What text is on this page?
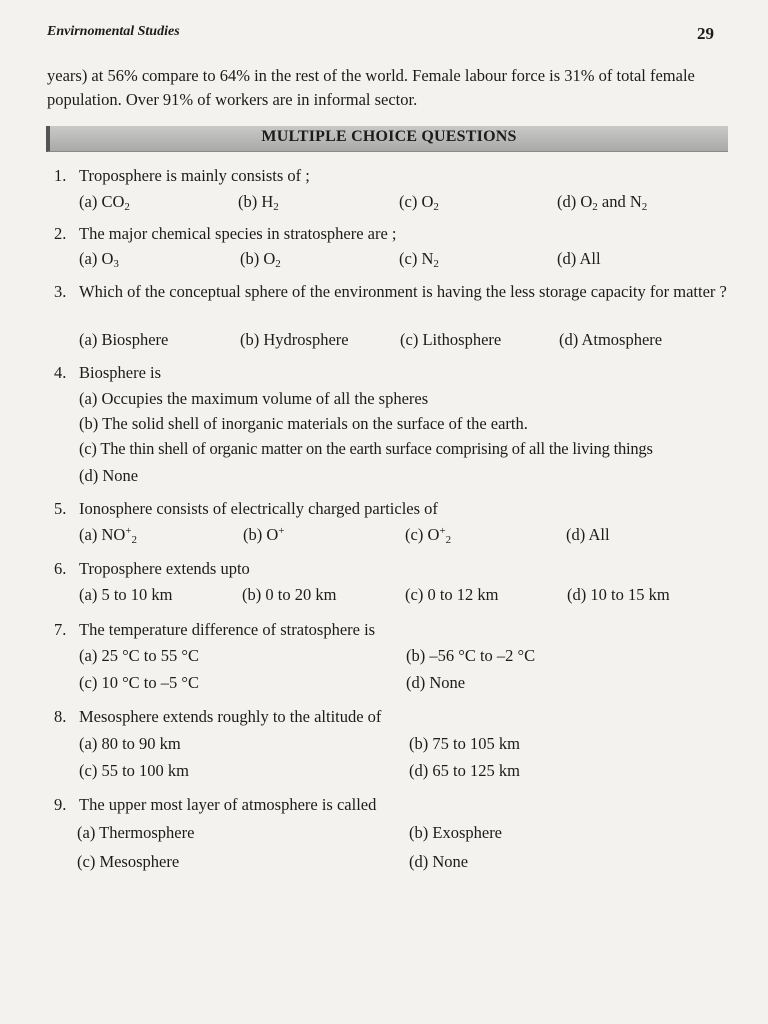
Envirnomental Studies	29
years) at 56% compare to 64% in the rest of the world. Female labour force is 31% of total female population. Over 91% of workers are in informal sector.
MULTIPLE CHOICE QUESTIONS
1. Troposphere is mainly consists of ;
(a) $CO_2$	(b) $H_2$	(c) $O_2$	(d) $O_2$ and $N_2$
2. The major chemical species in stratosphere are ;
(a) $O_3$	(b) $O_2$	(c) $N_2$	(d) All
3. Which of the conceptual sphere of the environment is having the less storage capacity for matter ?
(a) Biosphere	(b) Hydrosphere	(c) Lithosphere	(d) Atmosphere
4. Biosphere is
(a) Occupies the maximum volume of all the spheres
(b) The solid shell of inorganic materials on the surface of the earth.
(c) The thin shell of organic matter on the earth surface comprising of all the living things
(d) None
5. Ionosphere consists of electrically charged particles of
(a) $NO^+_2$	(b) O+	(c) $O^+_2$	(d) All
6. Troposphere extends upto
(a) 5 to 10 km	(b) 0 to 20 km	(c) 0 to 12 km	(d) 10 to 15 km
7. The temperature difference of stratosphere is
(a) 25 °C to 55 °C	(b) –56 °C to –2 °C
(c) 10 °C to –5 °C	(d) None
8. Mesosphere extends roughly to the altitude of
(a) 80 to 90 km	(b) 75 to 105 km
(c) 55 to 100 km	(d) 65 to 125 km
9. The upper most layer of atmosphere is called
(a) Thermosphere	(b) Exosphere
(c) Mesosphere	(d) None
